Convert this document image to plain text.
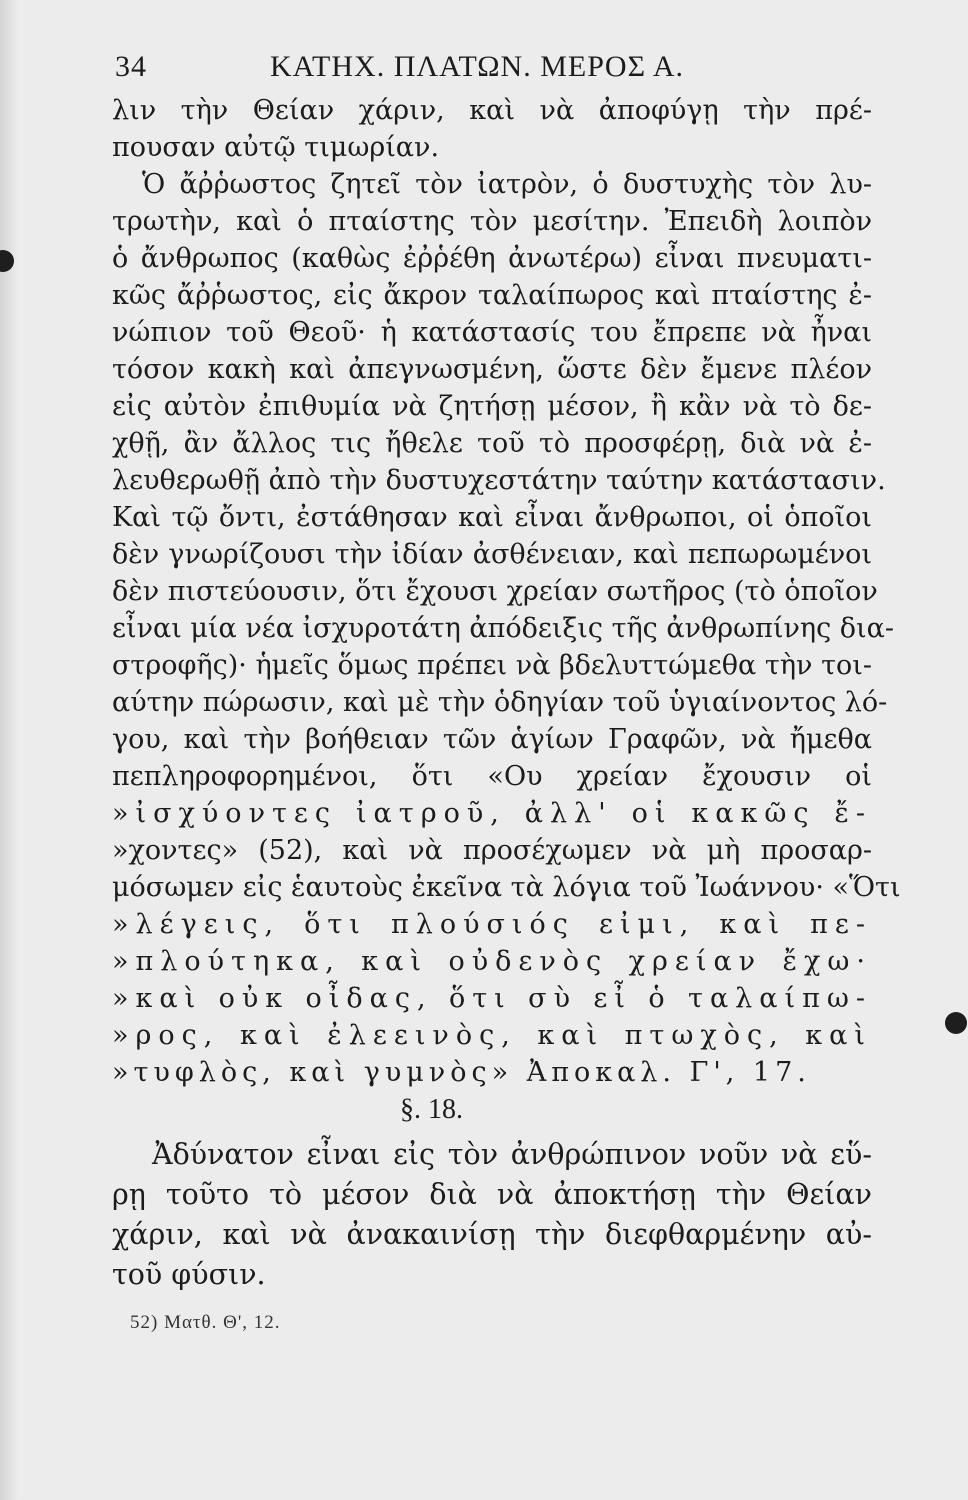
34	ΚΑΤΗΧ. ΠΛΑΤΩΝ. ΜΕΡΟΣ Α.
λιν τὴν Θείαν χάριν, καὶ νὰ ἀποφύγῃ τὴν πρέ-
πουσαν αὐτῷ τιμωρίαν.
Ὁ ἄῤῥωστος ζητεῖ τὸν ἰατρὸν, ὁ δυστυχὴς τὸν λυ-
τρωτὴν, καὶ ὁ πταίστης τὸν μεσίτην. Ἐπειδὴ λοιπὸν
ὁ ἄνθρωπος (καθὼς ἐῤῥέθη ἀνωτέρω) εἶναι πνευματι-
κῶς ἄῤῥωστος, εἰς ἄκρον ταλαίπωρος καὶ πταίστης ἐ-
νώπιον τοῦ Θεοῦ· ἡ κατάστασίς του ἔπρεπε νὰ ἦναι
τόσον κακὴ καὶ ἀπεγνωσμένη, ὥστε δὲν ἔμενε πλέον
εἰς αὐτὸν ἐπιθυμία νὰ ζητήσῃ μέσον, ἢ κἂν νὰ τὸ δε-
χθῇ, ἂν ἄλλος τις ἤθελε τοῦ τὸ προσφέρῃ, διὰ νὰ ἐ-
λευθερωθῇ ἀπὸ τὴν δυστυχεστάτην ταύτην κατάστασιν.
Καὶ τῷ ὄντι, ἐστάθησαν καὶ εἶναι ἄνθρωποι, οἱ ὁποῖοι
δὲν γνωρίζουσι τὴν ἰδίαν ἀσθένειαν, καὶ πεπωρωμένοι
δὲν πιστεύουσιν, ὅτι ἔχουσι χρείαν σωτῆρος (τὸ ὁποῖον
εἶναι μία νέα ἰσχυροτάτη ἀπόδειξις τῆς ἀνθρωπίνης δια-
στροφῆς)· ἡμεῖς ὅμως πρέπει νὰ βδελυττώμεθα τὴν τοι-
αύτην πώρωσιν, καὶ μὲ τὴν ὁδηγίαν τοῦ ὑγιαίνοντος λό-
γου, καὶ τὴν βοήθειαν τῶν ἁγίων Γραφῶν, νὰ ἤμεθα
πεπληροφορημένοι, ὅτι «Ου χρείαν ἔχουσιν οἱ
»ἰσχύοντες ἰατροῦ, ἀλλ' οἱ κακῶς ἔ-
»χοντες» (52), καὶ νὰ προσέχωμεν νὰ μὴ προσαρ-
μόσωμεν εἰς ἑαυτοὺς ἐκεῖνα τὰ λόγια τοῦ Ἰωάννου· «Ὅτι
»λέγεις, ὅτι πλούσιός εἰμι, καὶ πε-
»πλούτηκα, καὶ οὐδενὸς χρείαν ἔχω·
»καὶ οὐκ οἶδας, ὅτι σὺ εἶ ὁ ταλαίπω-
»ρος, καὶ ἐλεεινὸς, καὶ πτωχὸς, καὶ
»τυφλὸς, καὶ γυμνὸς» Ἀποκαλ. Γ', 17.
§. 18.
Ἀδύνατον εἶναι εἰς τὸν ἀνθρώπινον νοῦν νὰ εὕ-
ρῃ τοῦτο τὸ μέσον διὰ νὰ ἀποκτήσῃ τὴν Θείαν
χάριν, καὶ νὰ ἀνακαινίσῃ τὴν διεφθαρμένην αὐ-
τοῦ φύσιν.
52) Ματθ. Θ', 12.
